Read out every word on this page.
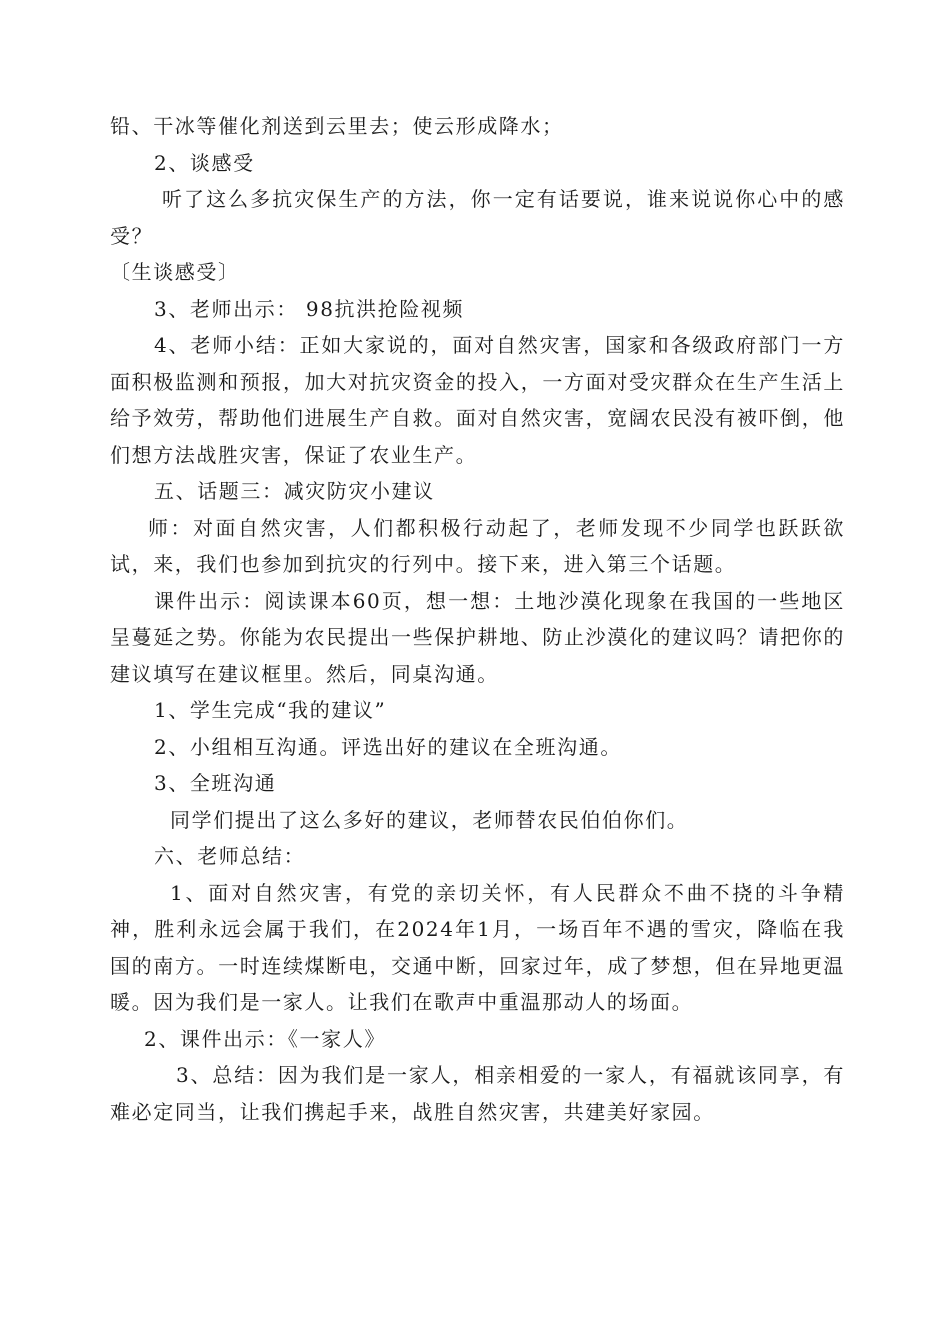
铅、干冰等催化剂送到云里去；使云形成降水；

2、谈感受

听了这么多抗灾保生产的方法，你一定有话要说，谁来说说你心中的感受？

〔生谈感受〕

3、老师出示： 98抗洪抢险视频

4、老师小结：正如大家说的，面对自然灾害，国家和各级政府部门一方面积极监测和预报，加大对抗灾资金的投入，一方面对受灾群众在生产生活上给予效劳，帮助他们进展生产自救。面对自然灾害，宽阔农民没有被吓倒，他们想方法战胜灾害，保证了农业生产。

五、话题三：减灾防灾小建议

师：对面自然灾害，人们都积极行动起了，老师发现不少同学也跃跃欲试，来，我们也参加到抗灾的行列中。接下来，进入第三个话题。

课件出示：阅读课本60页，想一想：土地沙漠化现象在我国的一些地区呈蔓延之势。你能为农民提出一些保护耕地、防止沙漠化的建议吗？请把你的建议填写在建议框里。然后，同桌沟通。

1、学生完成“我的建议”

2、小组相互沟通。评选出好的建议在全班沟通。

3、全班沟通

同学们提出了这么多好的建议，老师替农民伯伯你们。

六、老师总结：

1、面对自然灾害，有党的亲切关怀，有人民群众不曲不挠的斗争精神，胜利永远会属于我们，在2024年1月，一场百年不遇的雪灾，降临在我国的南方。一时连续煤断电，交通中断，回家过年，成了梦想，但在异地更温暖。因为我们是一家人。让我们在歌声中重温那动人的场面。

2、课件出示：《一家人》

3、总结：因为我们是一家人，相亲相爱的一家人，有福就该同享，有难必定同当，让我们携起手来，战胜自然灾害，共建美好家园。
